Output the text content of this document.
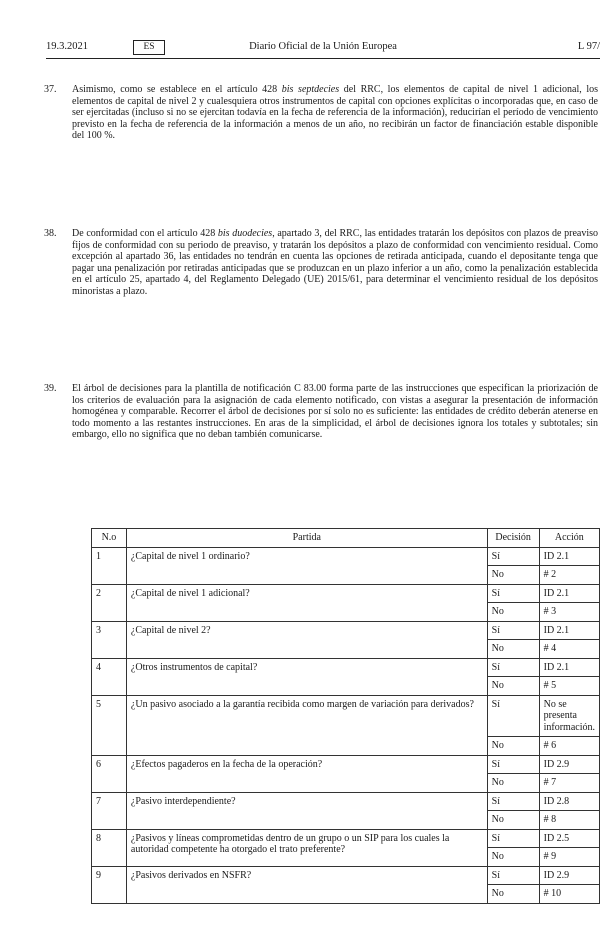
19.3.2021	ES	Diario Oficial de la Unión Europea	L 97/
37. Asimismo, como se establece en el artículo 428 bis septdecies del RRC, los elementos de capital de nivel 1 adicional, los elementos de capital de nivel 2 y cualesquiera otros instrumentos de capital con opciones explícitas o incorporadas que, en caso de ser ejercitadas (incluso si no se ejercitan todavía en la fecha de referencia de la información), reducirían el período de vencimiento previsto en la fecha de referencia de la información a menos de un año, no recibirán un factor de financiación estable disponible del 100 %.
38. De conformidad con el artículo 428 bis duodecies, apartado 3, del RRC, las entidades tratarán los depósitos con plazos de preaviso fijos de conformidad con su periodo de preaviso, y tratarán los depósitos a plazo de conformidad con vencimiento residual. Como excepción al apartado 36, las entidades no tendrán en cuenta las opciones de retirada anticipada, cuando el depositante tenga que pagar una penalización por retiradas anticipadas que se produzcan en un plazo inferior a un año, como la penalización establecida en el artículo 25, apartado 4, del Reglamento Delegado (UE) 2015/61, para determinar el vencimiento residual de los depósitos minoristas a plazo.
39. El árbol de decisiones para la plantilla de notificación C 83.00 forma parte de las instrucciones que especifican la priorización de los criterios de evaluación para la asignación de cada elemento notificado, con vistas a asegurar la presentación de información homogénea y comparable. Recorrer el árbol de decisiones por sí solo no es suficiente: las entidades de crédito deberán atenerse en todo momento a las restantes instrucciones. En aras de la simplicidad, el árbol de decisiones ignora los totales y subtotales; sin embargo, ello no significa que no deban también comunicarse.
N.o	Partida	Decisión	Acción
1	¿Capital de nivel 1 ordinario?	Sí	ID 2.1
		No	# 2
2	¿Capital de nivel 1 adicional?	Sí	ID 2.1
		No	# 3
3	¿Capital de nivel 2?	Sí	ID 2.1
		No	# 4
4	¿Otros instrumentos de capital?	Sí	ID 2.1
		No	# 5
5	¿Un pasivo asociado a la garantía recibida como margen de variación para derivados?	Sí	No se presenta información.
		No	# 6
6	¿Efectos pagaderos en la fecha de la operación?	Sí	ID 2.9
		No	# 7
7	¿Pasivo interdependiente?	Sí	ID 2.8
		No	# 8
8	¿Pasivos y líneas comprometidas dentro de un grupo o un SIP para los cuales la autoridad competente ha otorgado el trato preferente?	Sí	ID 2.5
		No	# 9
9	¿Pasivos derivados en NSFR?	Sí	ID 2.9
		No	# 10
